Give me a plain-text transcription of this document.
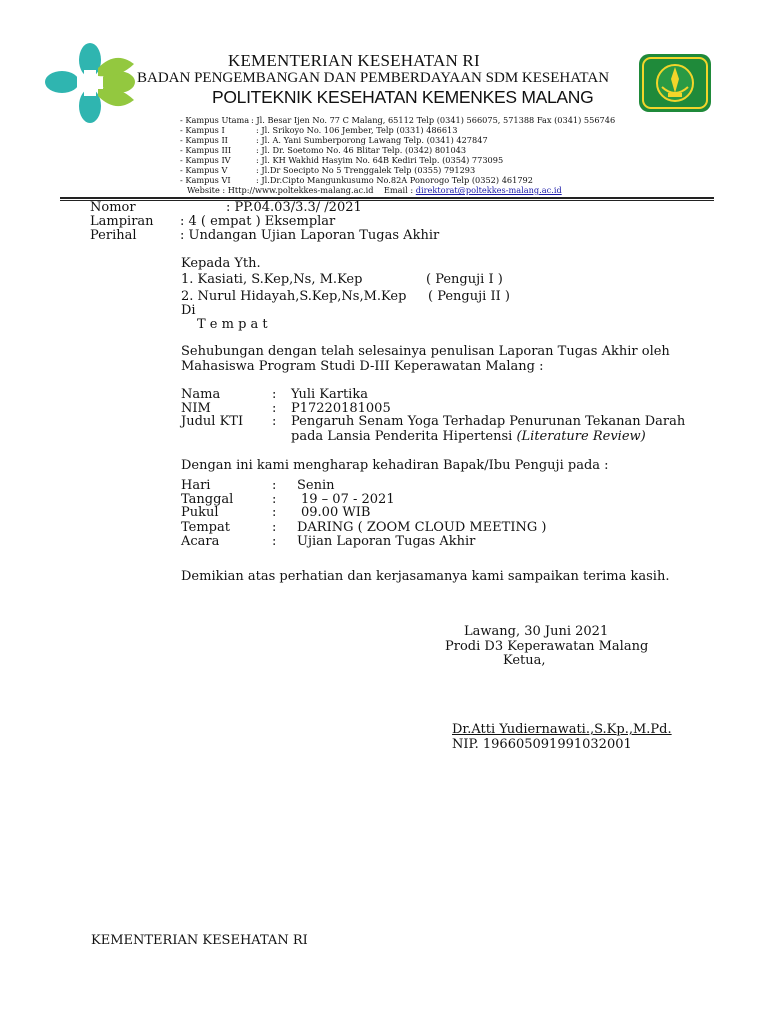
KEMENTERIAN KESEHATAN RI
BADAN PENGEMBANGAN DAN PEMBERDAYAAN SDM KESEHATAN
POLITEKNIK KESEHATAN KEMENKES MALANG
- Kampus Utama : Jl. Besar Ijen No. 77 C Malang, 65112 Telp (0341) 566075, 571388 Fax (0341) 556746
- Kampus I	: Jl. Srikoyo No. 106 Jember, Telp (0331) 486613
- Kampus II	: Jl. A. Yani Sumberporong Lawang Telp. (0341) 427847
- Kampus III	: Jl. Dr. Soetomo No. 46 Blitar Telp. (0342) 801043
- Kampus IV	: Jl. KH Wakhid Hasyim No. 64B Kediri Telp. (0354) 773095
- Kampus V	: Jl.Dr Soecipto No 5 Trenggalek Telp (0355) 791293
- Kampus VI	: Jl.Dr.Cipto Mangunkusumo No.82A Ponorogo Telp (0352) 461792
Website : Http://www.poltekkes-malang.ac.id Email : direktorat@poltekkes-malang.ac.id
Nomor	: PP.04.03/3.3/ /2021
Lampiran : 4 ( empat ) Eksemplar
Perihal	: Undangan Ujian Laporan Tugas Akhir
Kepada Yth.
1. Kasiati, S.Kep,Ns, M.Kep	( Penguji I )
2. Nurul Hidayah,S.Kep,Ns,M.Kep ( Penguji II )
Di
T e m p a t
Sehubungan dengan telah selesainya penulisan Laporan Tugas Akhir oleh
Mahasiswa Program Studi D-III Keperawatan Malang :
Nama	: Yuli Kartika
NIM	: P17220181005
Judul KTI : Pengaruh Senam Yoga Terhadap Penurunan Tekanan Darah
pada Lansia Penderita Hipertensi (Literature Review)
Dengan ini kami mengharap kehadiran Bapak/Ibu Penguji pada :
Hari	: Senin
Tanggal	: 19 – 07 - 2021
Pukul	: 09.00 WIB
Tempat	: DARING ( ZOOM CLOUD MEETING )
Acara	: Ujian Laporan Tugas Akhir
Demikian atas perhatian dan kerjasamanya kami sampaikan terima kasih.
Lawang, 30 Juni 2021
Prodi D3 Keperawatan Malang
Ketua,
Dr.Atti Yudiernawati.,S.Kp.,M.Pd.
NIP. 196605091991032001
KEMENTERIAN KESEHATAN RI
